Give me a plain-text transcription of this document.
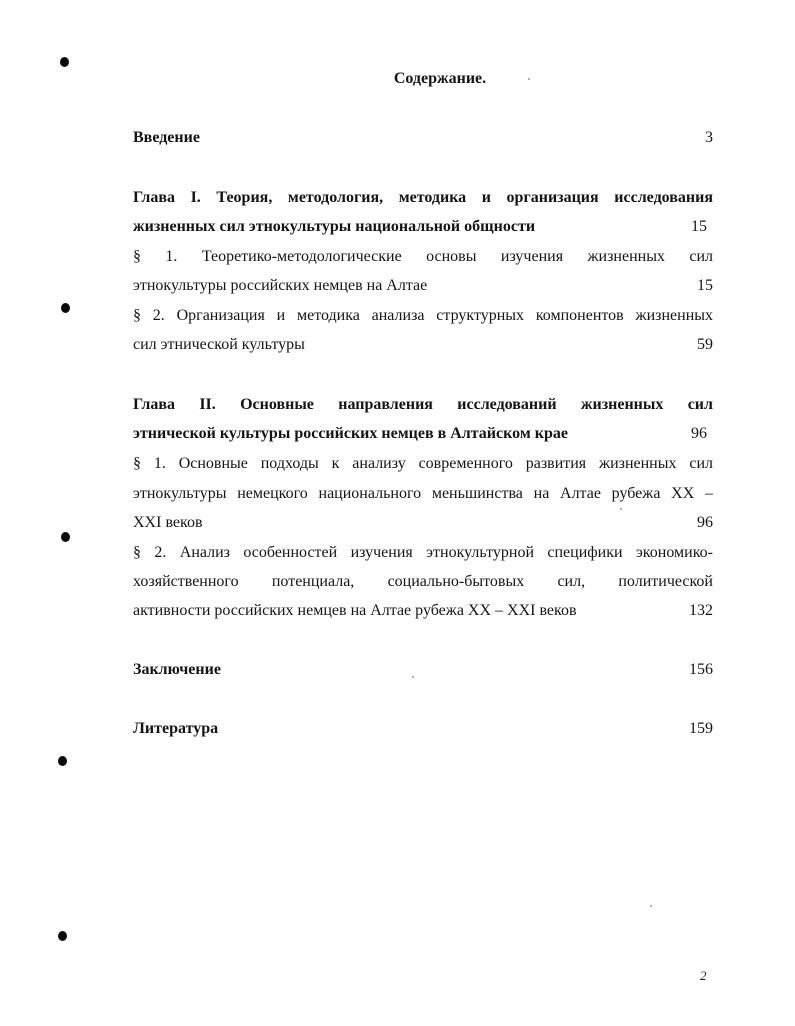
Содержание.
Введение	3
Глава I. Теория, методология, методика и организация исследования
жизненных сил этнокультуры национальной общности	15
§ 1. Теоретико-методологические основы изучения жизненных сил
этнокультуры российских немцев на Алтае	15
§ 2. Организация и методика анализа структурных компонентов жизненных
сил этнической культуры	59
Глава II. Основные направления исследований жизненных сил
этнической культуры российских немцев в Алтайском крае	96
§ 1. Основные подходы к анализу современного развития жизненных сил
этнокультуры немецкого национального меньшинства на Алтае рубежа XX –
XXI веков	96
§ 2. Анализ особенностей изучения этнокультурной специфики экономико-
хозяйственного потенциала, социально-бытовых сил, политической
активности российских немцев на Алтае рубежа XX – XXI веков	132
Заключение	156
Литература	159
2
